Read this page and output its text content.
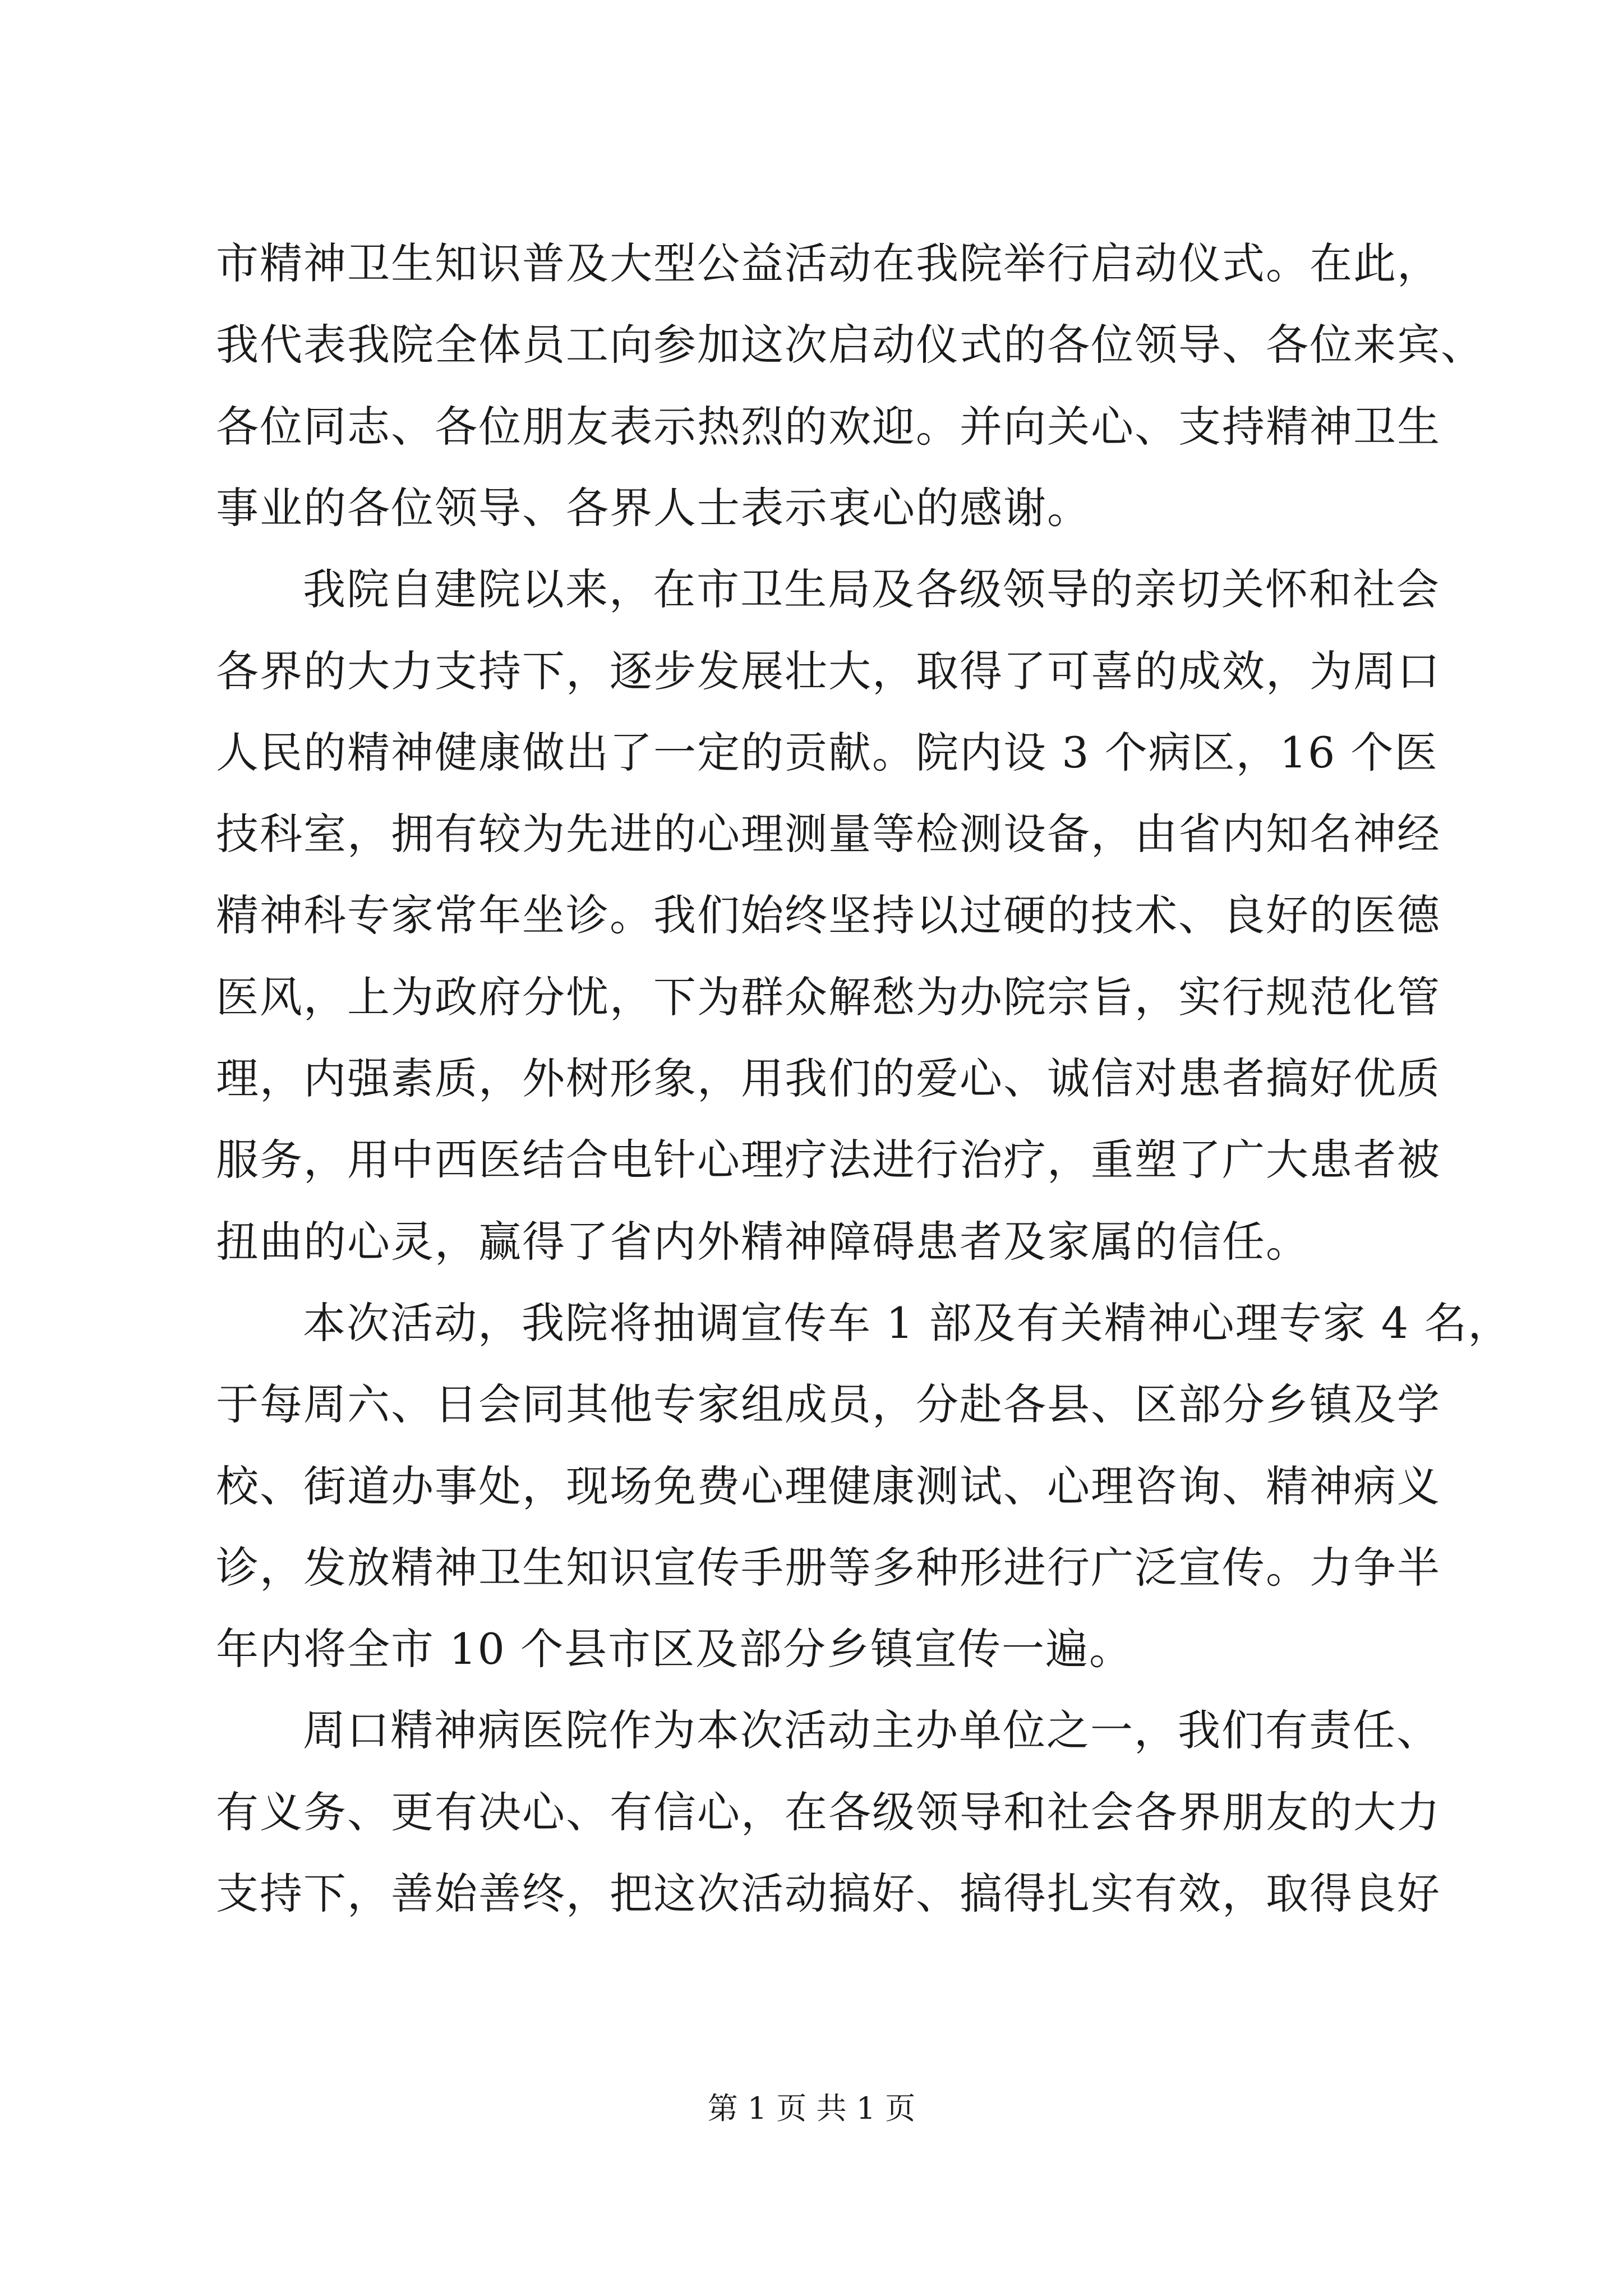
市精神卫生知识普及大型公益活动在我院举行启动仪式。在此，
我代表我院全体员工向参加这次启动仪式的各位领导、各位来宾、
各位同志、各位朋友表示热烈的欢迎。并向关心、支持精神卫生
事业的各位领导、各界人士表示衷心的感谢。
我院自建院以来，在市卫生局及各级领导的亲切关怀和社会
各界的大力支持下，逐步发展壮大，取得了可喜的成效，为周口
人民的精神健康做出了一定的贡献。院内设 3 个病区，16 个医
技科室，拥有较为先进的心理测量等检测设备，由省内知名神经
精神科专家常年坐诊。我们始终坚持以过硬的技术、良好的医德
医风，上为政府分忧，下为群众解愁为办院宗旨，实行规范化管
理，内强素质，外树形象，用我们的爱心、诚信对患者搞好优质
服务，用中西医结合电针心理疗法进行治疗，重塑了广大患者被
扭曲的心灵，赢得了省内外精神障碍患者及家属的信任。
本次活动，我院将抽调宣传车 1 部及有关精神心理专家 4 名，
于每周六、日会同其他专家组成员，分赴各县、区部分乡镇及学
校、街道办事处，现场免费心理健康测试、心理咨询、精神病义
诊，发放精神卫生知识宣传手册等多种形进行广泛宣传。力争半
年内将全市 10 个县市区及部分乡镇宣传一遍。
周口精神病医院作为本次活动主办单位之一，我们有责任、
有义务、更有决心、有信心，在各级领导和社会各界朋友的大力
支持下，善始善终，把这次活动搞好、搞得扎实有效，取得良好
第 1 页 共 1 页
